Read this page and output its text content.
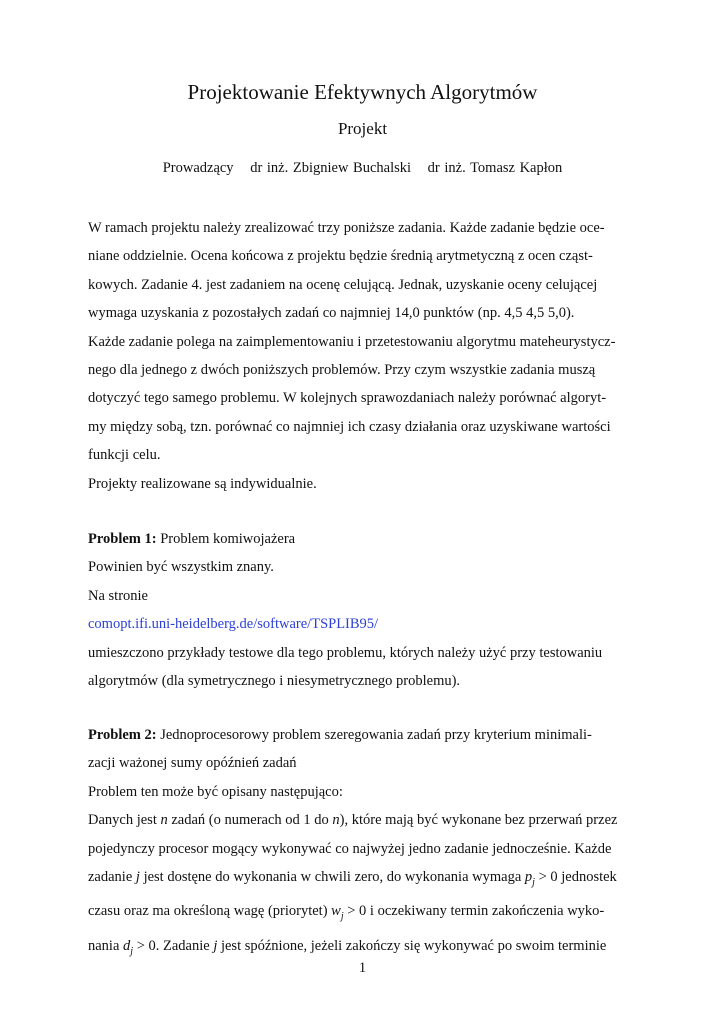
Projektowanie Efektywnych Algorytmów
Projekt
Prowadzący dr inż. Zbigniew Buchalski dr inż. Tomasz Kapłon

W ramach projektu należy zrealizować trzy poniższe zadania. Każde zadanie będzie oce-

niane oddzielnie. Ocena końcowa z projektu będzie średnią arytmetyczną z ocen cząst-

kowych. Zadanie 4. jest zadaniem na ocenę celującą. Jednak, uzyskanie oceny celującej

wymaga uzyskania z pozostałych zadań co najmniej 14,0 punktów (np. 4,5 4,5 5,0).

Każde zadanie polega na zaimplementowaniu i przetestowaniu algorytmu mateheurystycz-

nego dla jednego z dwóch poniższych problemów. Przy czym wszystkie zadania muszą

dotyczyć tego samego problemu. W kolejnych sprawozdaniach należy porównać algoryt-

my między sobą, tzn. porównać co najmniej ich czasy działania oraz uzyskiwane wartości

funkcji celu.

Projekty realizowane są indywidualnie.

Problem 1: Problem komiwojażera

Powinien być wszystkim znany.

Na stronie

comopt.ifi.uni-heidelberg.de/software/TSPLIB95/

umieszczono przykłady testowe dla tego problemu, których należy użyć przy testowaniu

algorytmów (dla symetrycznego i niesymetrycznego problemu).

Problem 2: Jednoprocesorowy problem szeregowania zadań przy kryterium minimali-

zacji ważonej sumy opóźnień zadań

Problem ten może być opisany następująco:

Danych jest n zadań (o numerach od 1 do n), które mają być wykonane bez przerwań przez

pojedynczy procesor mogący wykonywać co najwyżej jedno zadanie jednocześnie. Każde

zadanie j jest dostęne do wykonania w chwili zero, do wykonania wymaga $p_j > 0$ jednostek

czasu oraz ma określoną wagę (priorytet) $w_j > 0$ i oczekiwany termin zakończenia wyko-

nania $d_j > 0$. Zadanie j jest spóźnione, jeżeli zakończy się wykonywać po swoim terminie

1
